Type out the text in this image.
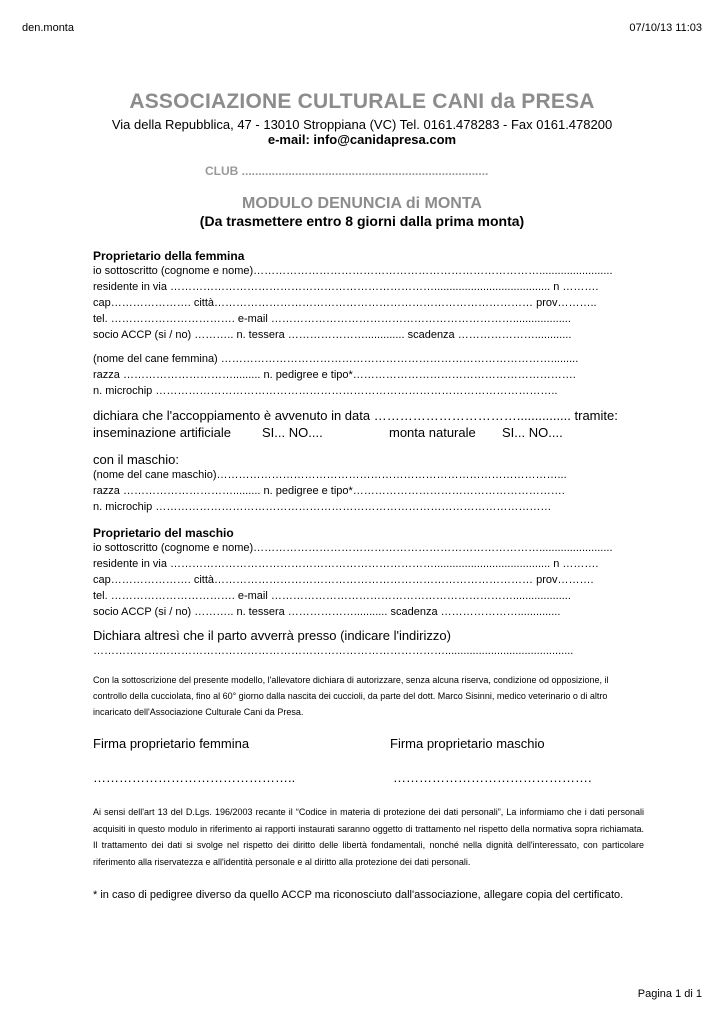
den.monta	07/10/13 11:03
ASSOCIAZIONE CULTURALE CANI da PRESA
Via della Repubblica, 47 - 13010 Stroppiana (VC) Tel. 0161.478283 - Fax 0161.478200
e-mail: info@canidapresa.com
CLUB ..........................................................................
MODULO DENUNCIA di MONTA
(Da trasmettere entro 8 giorni dalla prima monta)
Proprietario della femmina
io sottoscritto (cognome e nome)……………………………………………………………………........................
residente in via ………………………………………………………………...................................... n ……….
cap…………………. città…………………………………………………………………………… prov………..
tel. ……………………………. e-mail …………………………………………………………...................
socio ACCP (si / no) ……….. n. tessera …………………............. scadenza …………………............
(nome del cane femmina) ……………………………………………………………………………….........
razza …………………………......... n. pedigree e tipo*…………………………………………………….
n. microchip ………………………………………………………………………………………………..
dichiara che l'accoppiamento è avvenuto in data ……………………………............... tramite:
inseminazione artificiale SI... NO....	monta naturale SI... NO....
con il maschio:
(nome del cane maschio)…………………………………………………………………………………...
razza …………………………......... n. pedigree e tipo*………………………………………………….
n. microchip ………………………………………………………………………………………………
Proprietario del maschio
io sottoscritto (cognome e nome)……………………………………………………………………........................
residente in via ………………………………………………………………...................................... n ……….
cap…………………. città…………………………………………………………………………… prov……….
tel. ……………………………. e-mail …………………………………………………………...................
socio ACCP (si / no) ……….. n. tessera ………………........... scadenza …………………..............
Dichiara altresì che il parto avverrà presso (indicare l'indirizzo)
……………………………………………………………………………………..........................................
Con la sottoscrizione del presente modello, l'allevatore dichiara di autorizzare, senza alcuna riserva, condizione od opposizione, il controllo della cucciolata, fino al 60° giorno dalla nascita dei cuccioli, da parte del dott. Marco Sisinni, medico veterinario o di altro incaricato dell'Associazione Culturale Cani da Presa.
Firma proprietario femmina	Firma proprietario maschio
………………………………………..	……………………………………….
Ai sensi dell'art 13 del D.Lgs. 196/2003 recante il “Codice in materia di protezione dei dati personali”, La informiamo che i dati personali acquisiti in questo modulo in riferimento ai rapporti instaurati saranno oggetto di trattamento nel rispetto della normativa sopra richiamata. Il trattamento dei dati si svolge nel rispetto dei diritto delle libertà fondamentali, nonché nella dignità dell'interessato, con particolare riferimento alla riservatezza e all'identità personale e al diritto alla protezione dei dati personali.
* in caso di pedigree diverso da quello ACCP ma riconosciuto dall'associazione, allegare copia del certificato.
Pagina 1 di 1
